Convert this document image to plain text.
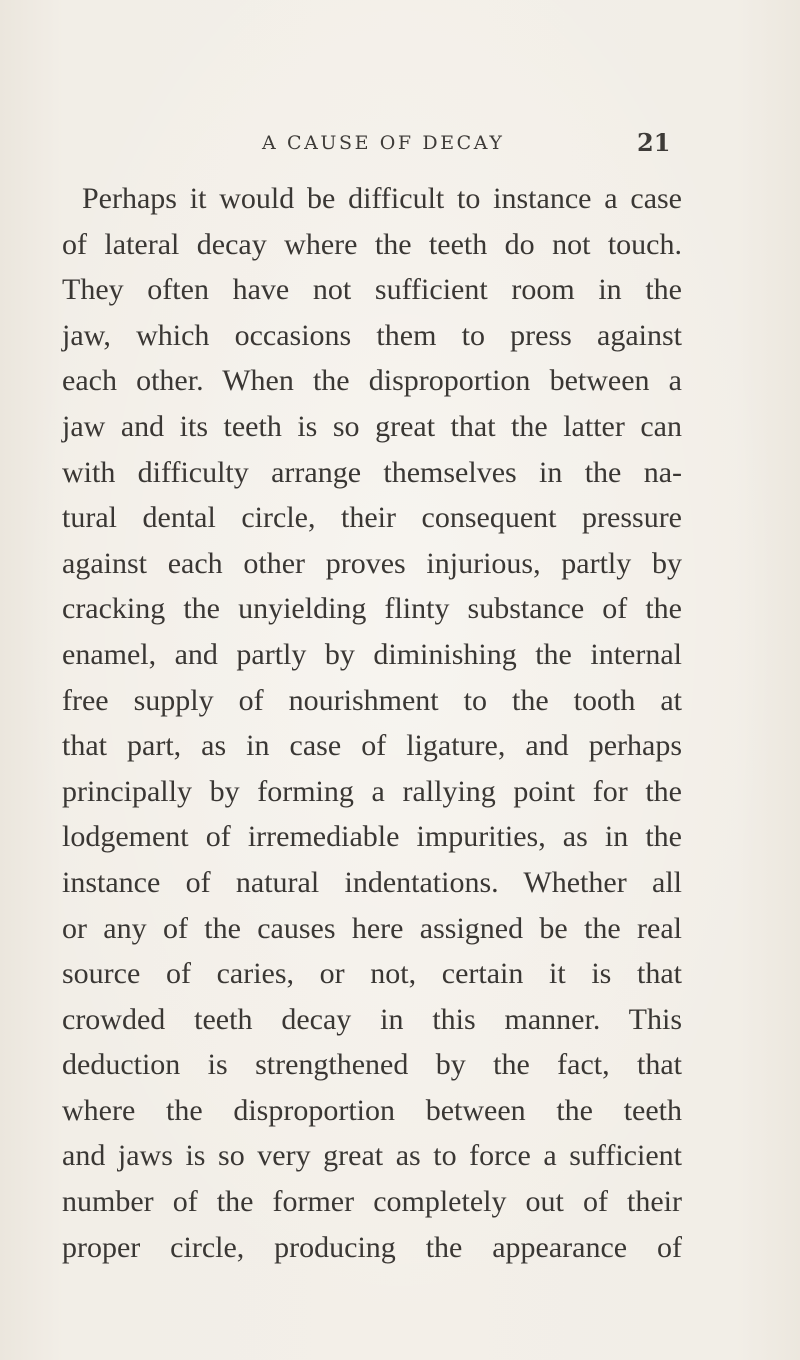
A CAUSE OF DECAY	21
Perhaps it would be difficult to instance a case
of lateral decay where the teeth do not touch.
They often have not sufficient room in the
jaw, which occasions them to press against
each other. When the disproportion between a
jaw and its teeth is so great that the latter can
with difficulty arrange themselves in the na-
tural dental circle, their consequent pressure
against each other proves injurious, partly by
cracking the unyielding flinty substance of the
enamel, and partly by diminishing the internal
free supply of nourishment to the tooth at
that part, as in case of ligature, and perhaps
principally by forming a rallying point for the
lodgement of irremediable impurities, as in the
instance of natural indentations. Whether all
or any of the causes here assigned be the real
source of caries, or not, certain it is that
crowded teeth decay in this manner. This
deduction is strengthened by the fact, that
where the disproportion between the teeth
and jaws is so very great as to force a sufficient
number of the former completely out of their
proper circle, producing the appearance of
